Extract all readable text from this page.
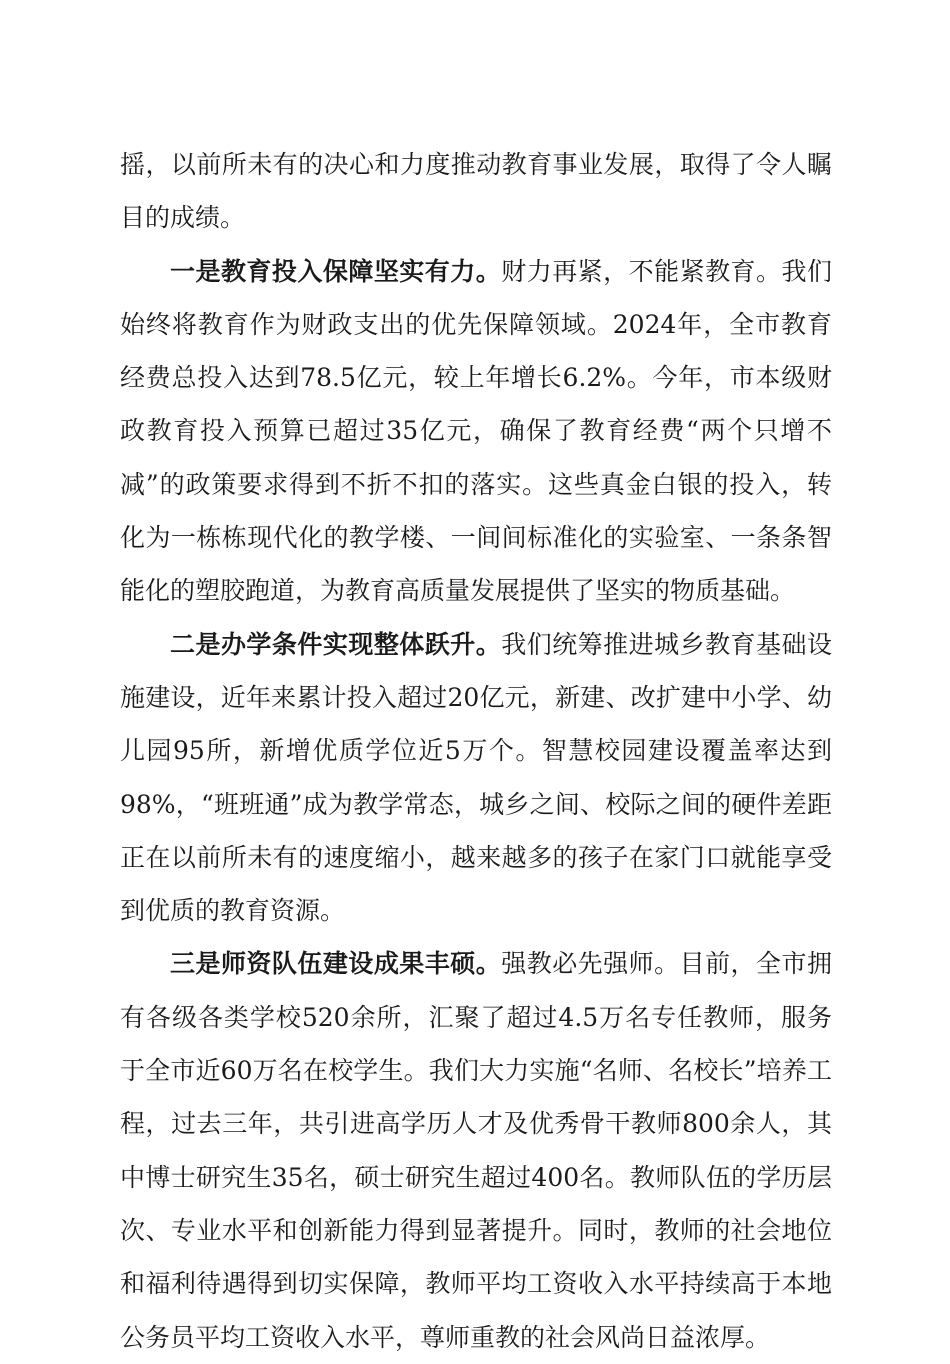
摇，以前所未有的决心和力度推动教育事业发展，取得了令人瞩目的成绩。

一是教育投入保障坚实有力。财力再紧，不能紧教育。我们始终将教育作为财政支出的优先保障领域。2024年，全市教育经费总投入达到78.5亿元，较上年增长6.2%。今年，市本级财政教育投入预算已超过35亿元，确保了教育经费“两个只增不减”的政策要求得到不折不扣的落实。这些真金白银的投入，转化为一栋栋现代化的教学楼、一间间标准化的实验室、一条条智能化的塑胶跑道，为教育高质量发展提供了坚实的物质基础。

二是办学条件实现整体跃升。我们统筹推进城乡教育基础设施建设，近年来累计投入超过20亿元，新建、改扩建中小学、幼儿园95所，新增优质学位近5万个。智慧校园建设覆盖率达到98%，“班班通”成为教学常态，城乡之间、校际之间的硬件差距正在以前所未有的速度缩小，越来越多的孩子在家门口就能享受到优质的教育资源。

三是师资队伍建设成果丰硕。强教必先强师。目前，全市拥有各级各类学校520余所，汇聚了超过4.5万名专任教师，服务于全市近60万名在校学生。我们大力实施“名师、名校长”培养工程，过去三年，共引进高学历人才及优秀骨干教师800余人，其中博士研究生35名，硕士研究生超过400名。教师队伍的学历层次、专业水平和创新能力得到显著提升。同时，教师的社会地位和福利待遇得到切实保障，教师平均工资收入水平持续高于本地公务员平均工资收入水平，尊师重教的社会风尚日益浓厚。
